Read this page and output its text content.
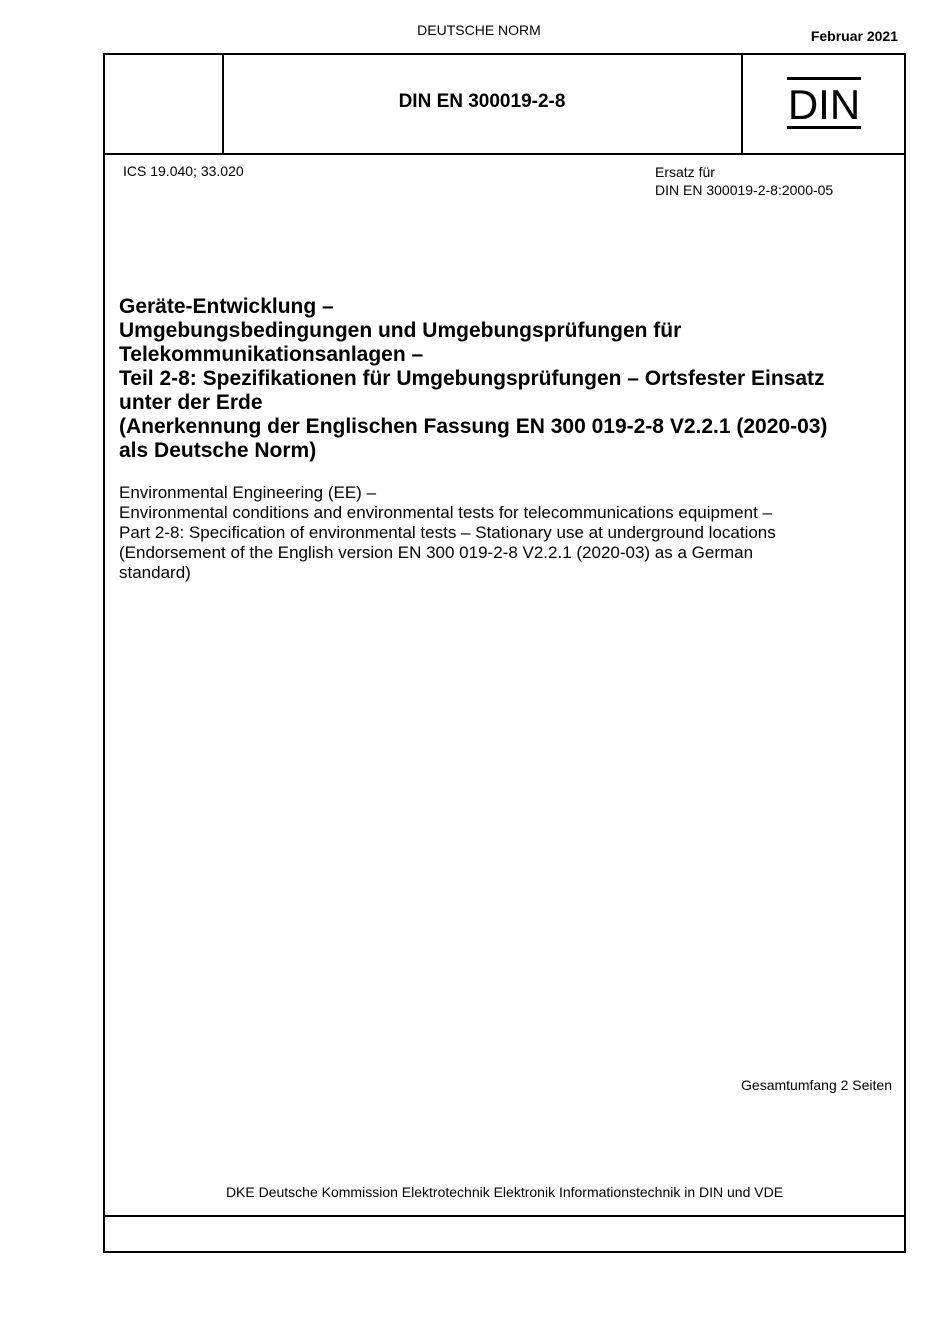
DEUTSCHE NORM	Februar 2021
DIN EN 300019-2-8	DIN
ICS 19.040; 33.020	Ersatz für
DIN EN 300019-2-8:2000-05
Geräte-Entwicklung –
Umgebungsbedingungen und Umgebungsprüfungen für
Telekommunikationsanlagen –
Teil 2-8: Spezifikationen für Umgebungsprüfungen – Ortsfester Einsatz
unter der Erde
(Anerkennung der Englischen Fassung EN 300 019-2-8 V2.2.1 (2020-03)
als Deutsche Norm)
Environmental Engineering (EE) –
Environmental conditions and environmental tests for telecommunications equipment –
Part 2-8: Specification of environmental tests – Stationary use at underground locations
(Endorsement of the English version EN 300 019-2-8 V2.2.1 (2020-03) as a German
standard)
Gesamtumfang 2 Seiten
DKE Deutsche Kommission Elektrotechnik Elektronik Informationstechnik in DIN und VDE
